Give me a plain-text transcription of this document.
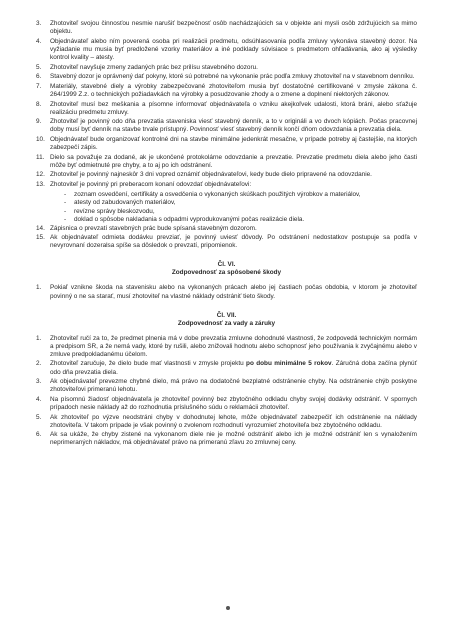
3.	Zhotoviteľ svojou činnosťou nesmie narušiť bezpečnosť osôb nachádzajúcich sa v objekte ani mysli osôb zdržujúcich sa mimo objektu.
4.	Objednávateľ alebo ním poverená osoba pri realizácii predmetu, odsúhlasovania podľa zmluvy vykonáva stavebný dozor. Na vyžiadanie mu musia byť predložené vzorky materiálov a iné podklady súvisiace s predmetom ohľadávania, ako aj výsledky kontrol kvality – atesty.
5.	Zhotoviteľ navyšuje zmeny zadaných prác bez prilísu stavebného dozoru.
6.	Stavebný dozor je oprávnený dať pokyny, ktoré sú potrebné na vykonanie prác podľa zmluvy zhotoviteľ na v stavebnom denníku.
7.	Materiály, stavebné diely a výrobky zabezpečované zhotoviteľom musia byť dostatočné certifikované v zmysle zákona č. 264/1999 Z.z. o technických požiadavkách na výrobky a posudzovanie zhody a o zmene a doplnení niektorých zákonov.
8.	Zhotoviteľ musí bez meškania a písomne informovať objednávateľa o vzniku akejkoľvek udalosti, ktorá bráni, alebo sťažuje realizáciu predmetu zmluvy.
9.	Zhotoviteľ je povinný odo dňa prevzatia staveniska viesť stavebný denník, a to v origináli a vo dvoch kópiách. Počas pracovnej doby musí byť denník na stavbe trvale prístupný. Povinnosť viesť stavebný denník končí dňom odovzdania a prevzatia diela.
10. Objednávateľ bude organizovať kontrolné dni na stavbe minimálne jedenkrát mesačne, v prípade potreby aj častejšie, na ktorých zabezpečí zápis.
11. Dielo sa považuje za dodané, ak je ukončené protokolárne odovzdanie a prevzatie. Prevzatie predmetu diela alebo jeho časti môže byť odmietnuté pre chyby, a to aj po ich odstránení.
12. Zhotoviteľ je povinný najneskôr 3 dni vopred oznámiť objednávateľovi, kedy bude dielo pripravené na odovzdanie.
13. Zhotoviteľ je povinný pri preberacom konaní odovzdať objednávateľovi:
-	zoznam osvedčení, certifikáty a osvedčenia o vykonaných skúškach použitých výrobkov a materiálov,
-	atesty od zabudovaných materiálov,
-	revízne správy bleskozvodu,
-	doklad o spôsobe nakladania s odpadmi vyprodukovanými počas realizácie diela.
14. Zápisnica o prevzatí stavebných prác bude spísaná stavebným dozorom.
15. Ak objednávateľ odmieta dodávku prevziať, je povinný uviesť dôvody. Po odstránení nedostatkov postupuje sa podľa v nevyrovnaní dozeralsa spíše sa dôsledok o prevzatí, pripomienok.

Čl. VI.

Zodpovednosť za spôsobené škody

1.	Pokiaľ vznikne škoda na stavenisku alebo na vykonaných prácach alebo jej častiach počas obdobia, v ktorom je zhotoviteľ povinný o ne sa starať, musí zhotoviteľ na vlastné náklady odstrániť tieto škody.

Čl. VII.

Zodpovednosť za vady a záruky

1.	Zhotoviteľ ručí za to, že predmet plnenia má v dobe prevzatia zmluvne dohodnuté vlastnosti, že zodpovedá technickým normám a predpisom SR, a že nemá vady, ktoré by rušili, alebo znižovali hodnotu alebo schopnosť jeho používania k zvyčajnému alebo v zmluve predpokladanému účelom.
2.	Zhotoviteľ zaručuje, že dielo bude mať vlastnosti v zmysle projektu po dobu minimálne 5 rokov. Záručná doba začína plynúť odo dňa prevzatia diela.
3.	Ak objednávateľ prevezme chybné dielo, má právo na dodatočné bezplatné odstránenie chyby. Na odstránenie chýb poskytne zhotoviteľovi primeranú lehotu.
4.	Na písomnú žiadosť objednávateľa je zhotoviteľ povinný bez zbytočného odkladu chyby svojej dodávky odstrániť. V spornych prípadoch nesie náklady až do rozhodnutia príslušného súdu o reklamácii zhotoviteľ.
5.	Ak zhotoviteľ po výzve neodstráni chyby v dohodnutej lehote, môže objednávateľ zabezpečiť ich odstránenie na náklady zhotoviteľa. V takom prípade je však povinný o zvolenom rozhodnutí vyrozumieť zhotoviteľa bez zbytočného odkladu.
6.	Ak sa ukáže, že chyby zistené na vykonanom diele nie je možné odstrániť alebo ich je možné odstrániť len s vynaložením neprimeraných nákladov, má objednávateľ právo na primeranú zľavu zo zmluvnej ceny.
